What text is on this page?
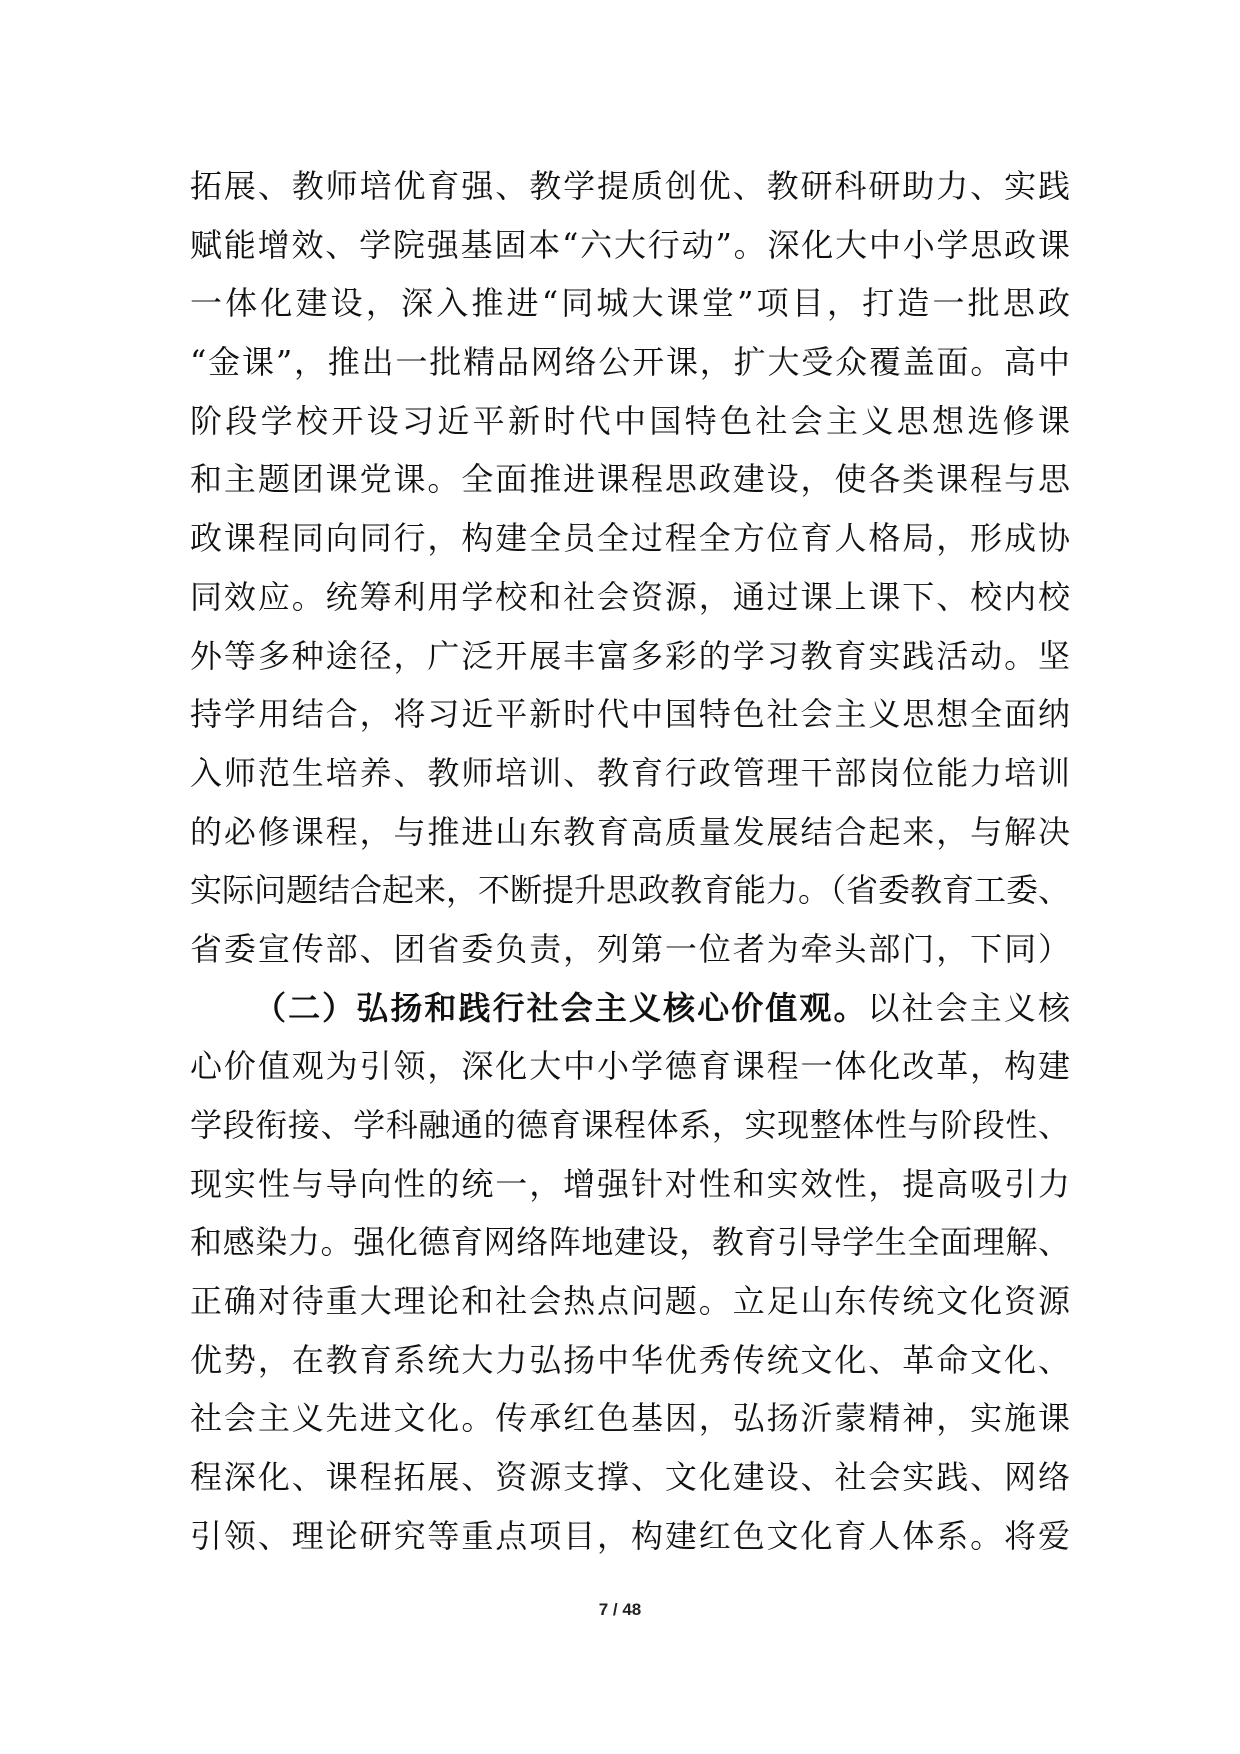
拓展、教师培优育强、教学提质创优、教研科研助力、实践
赋能增效、学院强基固本“六大行动”。深化大中小学思政课
一体化建设，深入推进“同城大课堂”项目，打造一批思政
“金课”，推出一批精品网络公开课，扩大受众覆盖面。高中
阶段学校开设习近平新时代中国特色社会主义思想选修课
和主题团课党课。全面推进课程思政建设，使各类课程与思
政课程同向同行，构建全员全过程全方位育人格局，形成协
同效应。统筹利用学校和社会资源，通过课上课下、校内校
外等多种途径，广泛开展丰富多彩的学习教育实践活动。坚
持学用结合，将习近平新时代中国特色社会主义思想全面纳
入师范生培养、教师培训、教育行政管理干部岗位能力培训
的必修课程，与推进山东教育高质量发展结合起来，与解决
实际问题结合起来，不断提升思政教育能力。（省委教育工委、
省委宣传部、团省委负责，列第一位者为牵头部门，下同）
（二）弘扬和践行社会主义核心价值观。以社会主义核
心价值观为引领，深化大中小学德育课程一体化改革，构建
学段衔接、学科融通的德育课程体系，实现整体性与阶段性、
现实性与导向性的统一，增强针对性和实效性，提高吸引力
和感染力。强化德育网络阵地建设，教育引导学生全面理解、
正确对待重大理论和社会热点问题。立足山东传统文化资源
优势，在教育系统大力弘扬中华优秀传统文化、革命文化、
社会主义先进文化。传承红色基因，弘扬沂蒙精神，实施课
程深化、课程拓展、资源支撑、文化建设、社会实践、网络
引领、理论研究等重点项目，构建红色文化育人体系。将爱
7 / 48
